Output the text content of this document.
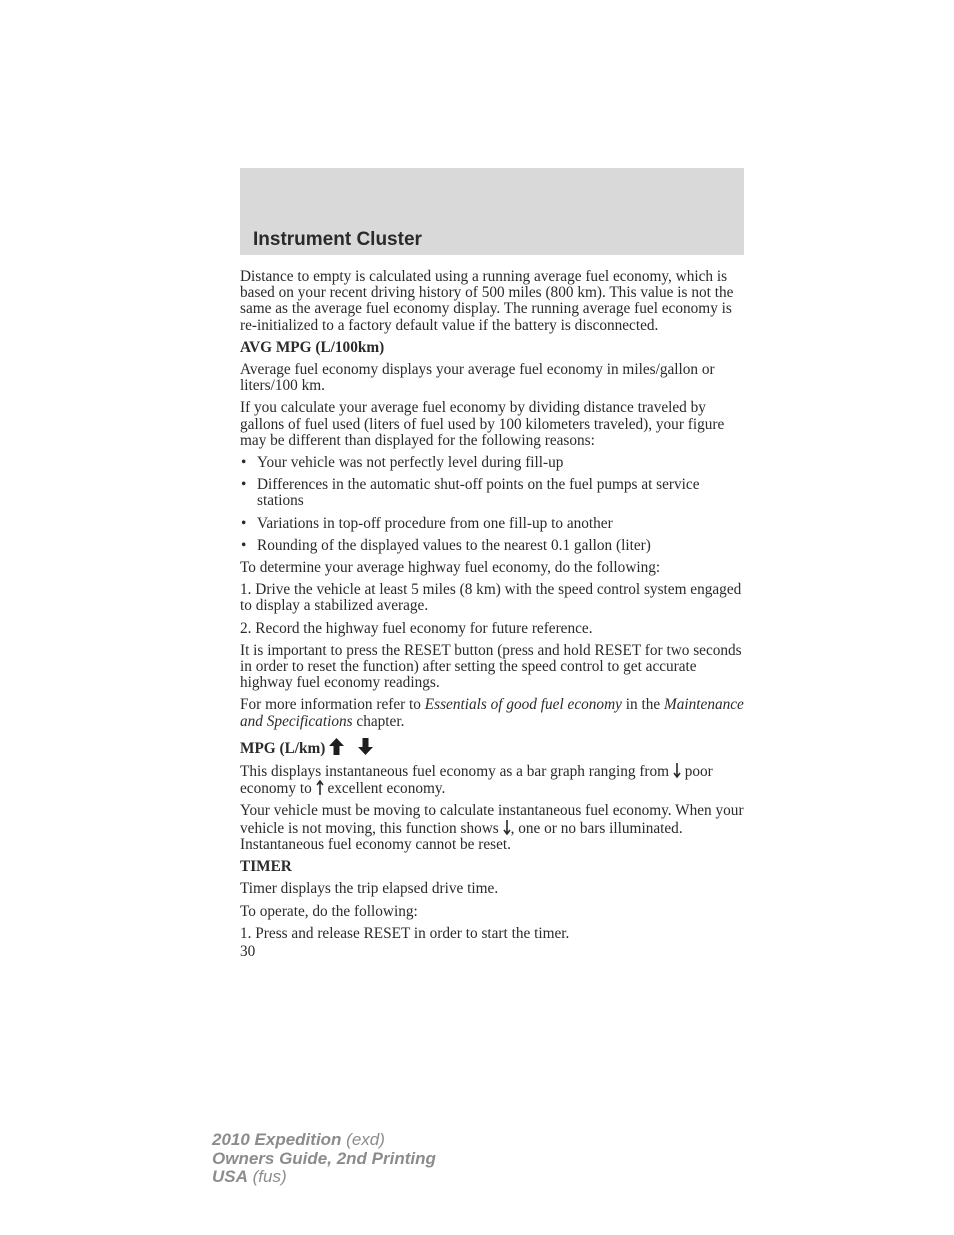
Instrument Cluster

Distance to empty is calculated using a running average fuel economy, which is based on your recent driving history of 500 miles (800 km). This value is not the same as the average fuel economy display. The running average fuel economy is re-initialized to a factory default value if the battery is disconnected.

AVG MPG (L/100km)

Average fuel economy displays your average fuel economy in miles/gallon or liters/100 km.

If you calculate your average fuel economy by dividing distance traveled by gallons of fuel used (liters of fuel used by 100 kilometers traveled), your figure may be different than displayed for the following reasons:

• Your vehicle was not perfectly level during fill-up
• Differences in the automatic shut-off points on the fuel pumps at service stations
• Variations in top-off procedure from one fill-up to another
• Rounding of the displayed values to the nearest 0.1 gallon (liter)

To determine your average highway fuel economy, do the following:

1. Drive the vehicle at least 5 miles (8 km) with the speed control system engaged to display a stabilized average.

2. Record the highway fuel economy for future reference.

It is important to press the RESET button (press and hold RESET for two seconds in order to reset the function) after setting the speed control to get accurate highway fuel economy readings.

For more information refer to Essentials of good fuel economy in the Maintenance and Specifications chapter.

MPG (L/km)

This displays instantaneous fuel economy as a bar graph ranging from  poor economy to  excellent economy.

Your vehicle must be moving to calculate instantaneous fuel economy. When your vehicle is not moving, this function shows , one or no bars illuminated. Instantaneous fuel economy cannot be reset.

TIMER

Timer displays the trip elapsed drive time.

To operate, do the following:

1. Press and release RESET in order to start the timer.

30
2010 Expedition (exd)
Owners Guide, 2nd Printing
USA (fus)
